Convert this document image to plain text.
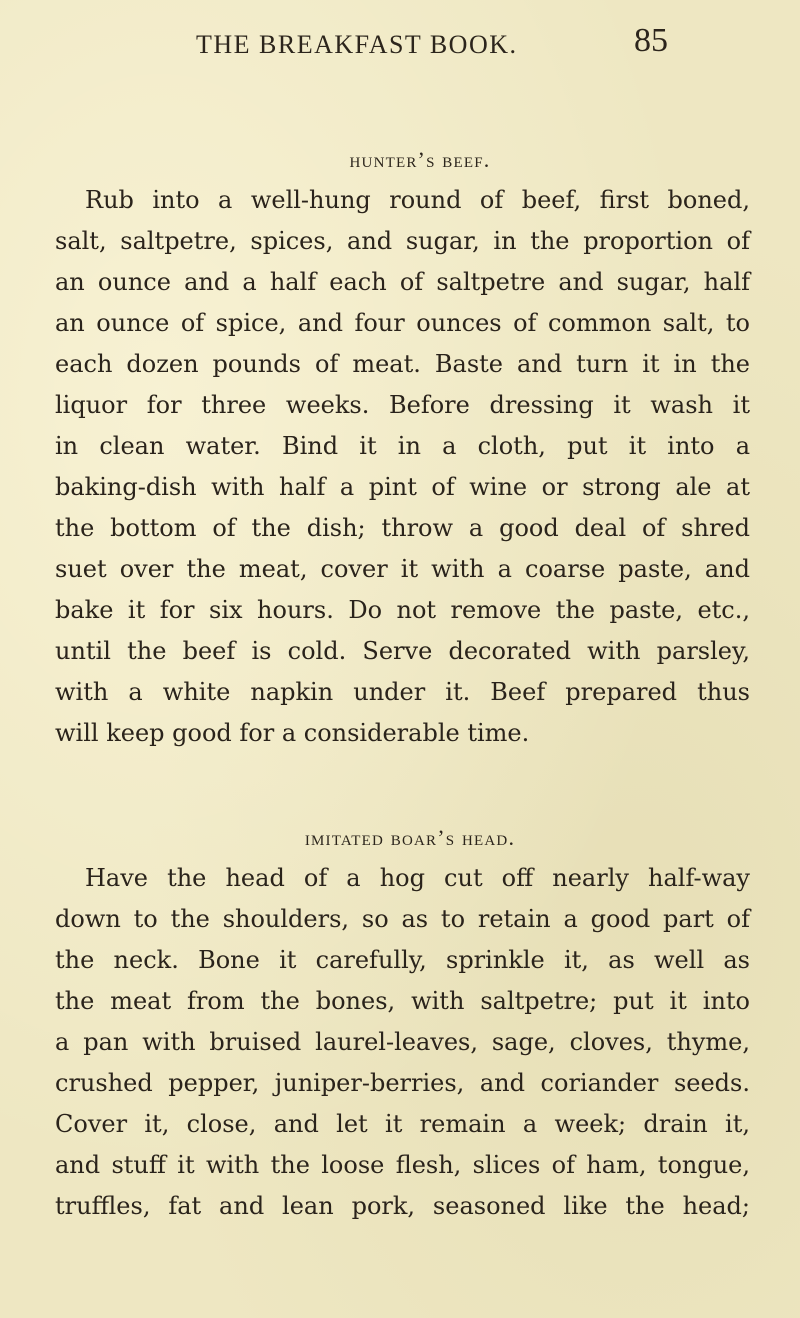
THE BREAKFAST BOOK.	85
hunter’s beef.
Rub into a well-hung round of beef, first boned,
salt, saltpetre, spices, and sugar, in the proportion of
an ounce and a half each of saltpetre and sugar, half
an ounce of spice, and four ounces of common salt, to
each dozen pounds of meat. Baste and turn it in the
liquor for three weeks. Before dressing it wash it
in clean water. Bind it in a cloth, put it into a
baking-dish with half a pint of wine or strong ale at
the bottom of the dish; throw a good deal of shred
suet over the meat, cover it with a coarse paste, and
bake it for six hours. Do not remove the paste, etc.,
until the beef is cold. Serve decorated with parsley,
with a white napkin under it. Beef prepared thus
will keep good for a considerable time.
imitated boar’s head.
Have the head of a hog cut off nearly half-way
down to the shoulders, so as to retain a good part of
the neck. Bone it carefully, sprinkle it, as well as
the meat from the bones, with saltpetre; put it into
a pan with bruised laurel-leaves, sage, cloves, thyme,
crushed pepper, juniper-berries, and coriander seeds.
Cover it, close, and let it remain a week; drain it,
and stuff it with the loose flesh, slices of ham, tongue,
truffles, fat and lean pork, seasoned like the head;
